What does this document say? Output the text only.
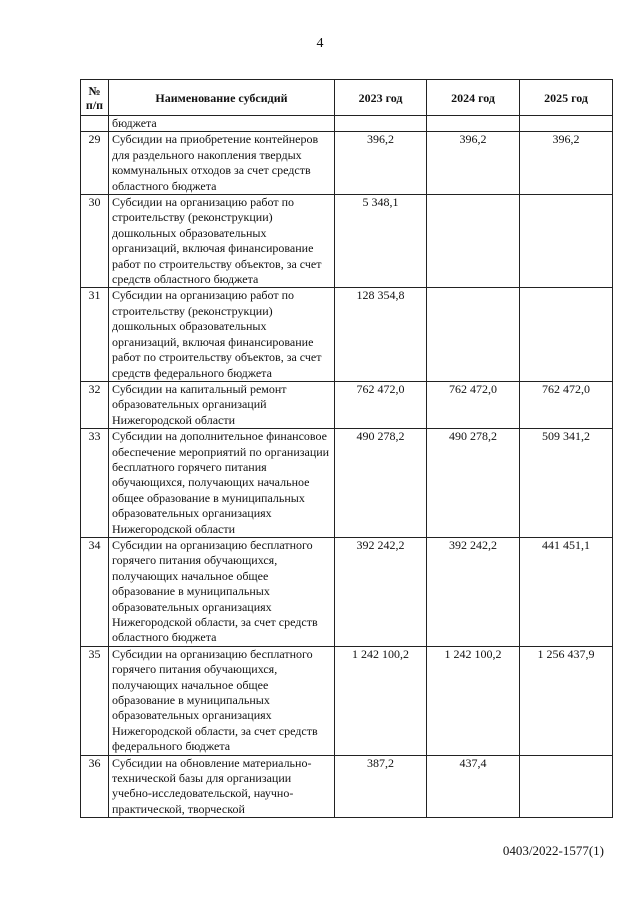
4
№ п/п	Наименование субсидий	2023 год	2024 год	2025 год
	бюджета			
29	Субсидии на приобретение контейнеров для раздельного накопления твердых коммунальных отходов за счет средств областного бюджета	396,2	396,2	396,2
30	Субсидии на организацию работ по строительству (реконструкции) дошкольных образовательных организаций, включая финансирование работ по строительству объектов, за счет средств областного бюджета	5 348,1		
31	Субсидии на организацию работ по строительству (реконструкции) дошкольных образовательных организаций, включая финансирование работ по строительству объектов, за счет средств федерального бюджета	128 354,8		
32	Субсидии на капитальный ремонт образовательных организаций Нижегородской области	762 472,0	762 472,0	762 472,0
33	Субсидии на дополнительное финансовое обеспечение мероприятий по организации бесплатного горячего питания обучающихся, получающих начальное общее образование в муниципальных образовательных организациях Нижегородской области	490 278,2	490 278,2	509 341,2
34	Субсидии на организацию бесплатного горячего питания обучающихся, получающих начальное общее образование в муниципальных образовательных организациях Нижегородской области, за счет средств областного бюджета	392 242,2	392 242,2	441 451,1
35	Субсидии на организацию бесплатного горячего питания обучающихся, получающих начальное общее образование в муниципальных образовательных организациях Нижегородской области, за счет средств федерального бюджета	1 242 100,2	1 242 100,2	1 256 437,9
36	Субсидии на обновление материально-технической базы для организации учебно-исследовательской, научно-практической, творческой	387,2	437,4	
0403/2022-1577(1)
